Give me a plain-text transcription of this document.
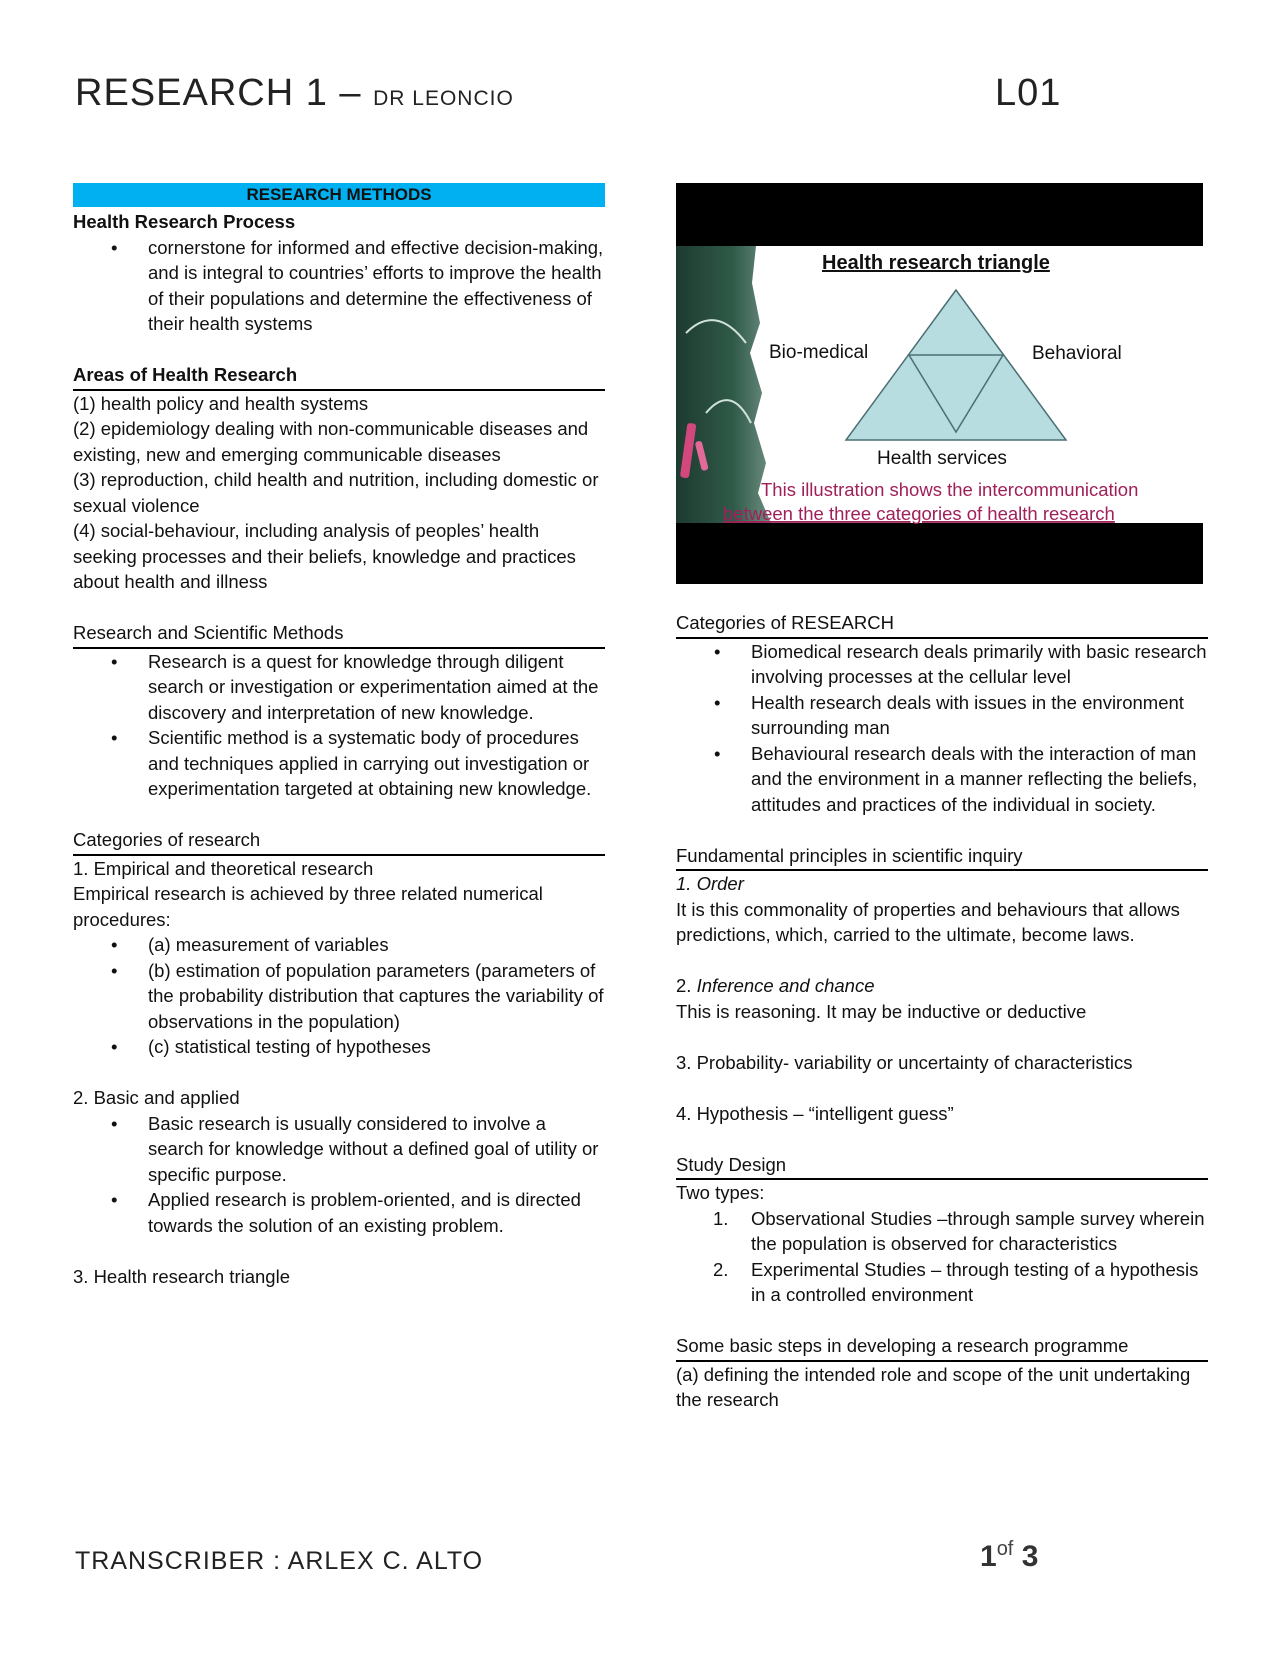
RESEARCH 1 – DR LEONCIO	L01
RESEARCH METHODS
Health Research Process
• cornerstone for informed and effective decision-making, and is integral to countries’ efforts to improve the health of their populations and determine the effectiveness of their health systems
Areas of Health Research
(1) health policy and health systems
(2) epidemiology dealing with non-communicable diseases and existing, new and emerging communicable diseases
(3) reproduction, child health and nutrition, including domestic or sexual violence
(4) social-behaviour, including analysis of peoples’ health seeking processes and their beliefs, knowledge and practices about health and illness
Research and Scientific Methods
• Research is a quest for knowledge through diligent search or investigation or experimentation aimed at the discovery and interpretation of new knowledge.
• Scientific method is a systematic body of procedures and techniques applied in carrying out investigation or experimentation targeted at obtaining new knowledge.
Categories of research
1. Empirical and theoretical research
Empirical research is achieved by three related numerical procedures:
• (a) measurement of variables
• (b) estimation of population parameters (parameters of the probability distribution that captures the variability of observations in the population)
• (c) statistical testing of hypotheses
2. Basic and applied
• Basic research is usually considered to involve a search for knowledge without a defined goal of utility or specific purpose.
• Applied research is problem-oriented, and is directed towards the solution of an existing problem.
3. Health research triangle
Health research triangle
Bio-medical	Behavioral
Health services
This illustration shows the intercommunication
between the three categories of health research
Categories of RESEARCH
• Biomedical research deals primarily with basic research involving processes at the cellular level
• Health research deals with issues in the environment surrounding man
• Behavioural research deals with the interaction of man and the environment in a manner reflecting the beliefs, attitudes and practices of the individual in society.
Fundamental principles in scientific inquiry
1. Order
It is this commonality of properties and behaviours that allows predictions, which, carried to the ultimate, become laws.
2. Inference and chance
This is reasoning. It may be inductive or deductive
3. Probability- variability or uncertainty of characteristics
4. Hypothesis – “intelligent guess”
Study Design
Two types:
1. Observational Studies –through sample survey wherein the population is observed for characteristics
2. Experimental Studies – through testing of a hypothesis in a controlled environment
Some basic steps in developing a research programme
(a) defining the intended role and scope of the unit undertaking the research
TRANSCRIBER : ARLEX C. ALTO	$1^{of}$ 3
